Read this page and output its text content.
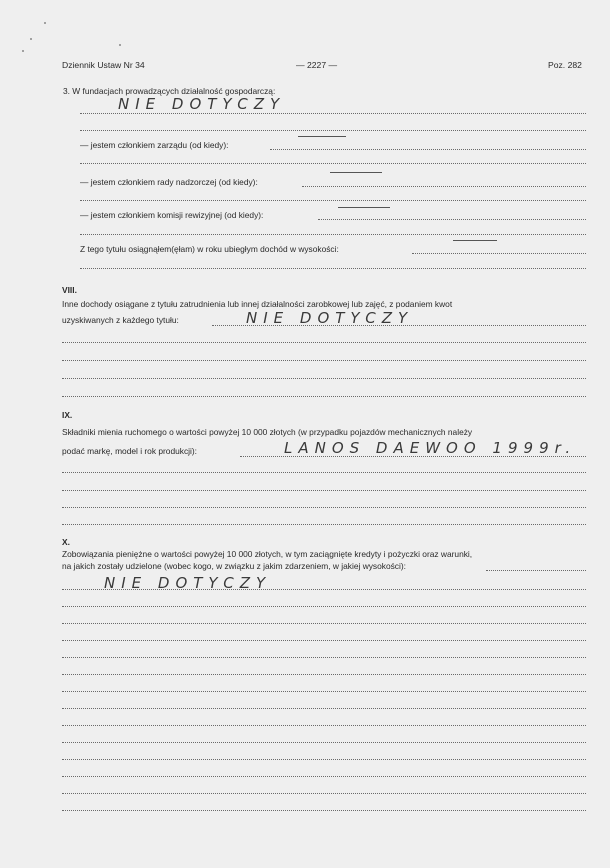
Dziennik Ustaw Nr 34	— 2227 —	Poz. 282
3. W fundacjach prowadzących działalność gospodarczą:
NIE DOTYCZY
— jestem członkiem zarządu (od kiedy):
— jestem członkiem rady nadzorczej (od kiedy):
— jestem członkiem komisji rewizyjnej (od kiedy):
Z tego tytułu osiągnąłem(ęłam) w roku ubiegłym dochód w wysokości:
VIII.
Inne dochody osiągane z tytułu zatrudnienia lub innej działalności zarobkowej lub zajęć, z podaniem kwot
uzyskiwanych z każdego tytułu:	NIE DOTYCZY
IX.
Składniki mienia ruchomego o wartości powyżej 10 000 złotych (w przypadku pojazdów mechanicznych należy
podać markę, model i rok produkcji):	LANOS DAEWOO 1999r.
X.
Zobowiązania pieniężne o wartości powyżej 10 000 złotych, w tym zaciągnięte kredyty i pożyczki oraz warunki,
na jakich zostały udzielone (wobec kogo, w związku z jakim zdarzeniem, w jakiej wysokości):
NIE DOTYCZY
